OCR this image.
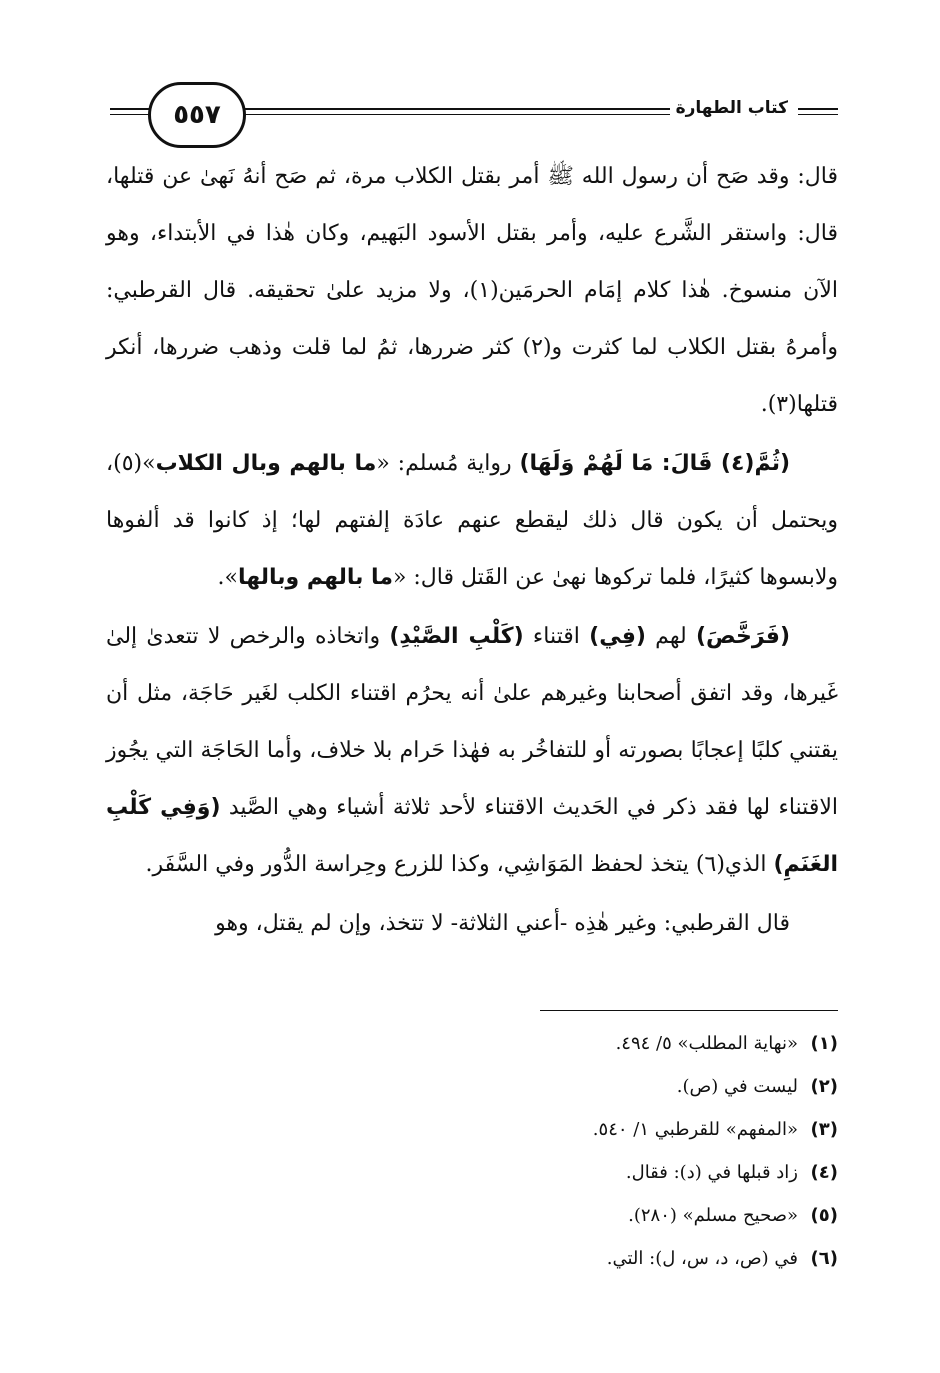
٥٥٧	كتاب الطهارة

قال: وقد صَح أن رسول الله ﷺ أمر بقتل الكلاب مرة، ثم صَح أنهُ نَهىٰ عن قتلها، قال: واستقر الشَّرع عليه، وأمر بقتل الأسود البَهيم، وكان هٰذا في الأبتداء، وهو الآن منسوخ. هٰذا كلام إمَام الحرمَين(١)، ولا مزيد علىٰ تحقيقه. قال القرطبي: وأمرهُ بقتل الكلاب لما كثرت و(٢) كثر ضررها، ثمُ لما قلت وذهب ضررها، أنكر قتلها(٣).

(ثُمَّ(٤) قَالَ: مَا لَهُمْ وَلَهَا) رواية مُسلم: «ما بالهم وبال الكلاب»(٥)، ويحتمل أن يكون قال ذلك ليقطع عنهم عادَة إلفتهم لها؛ إذ كانوا قد ألفوها ولابسوها كثيرًا، فلما تركوها نهىٰ عن القَتل قال: «ما بالهم وبالها».

(فَرَخَّصَ) لهم (فِي) اقتناء (كَلْبِ الصَّيْدِ) واتخاذه والرخص لا تتعدىٰ إلىٰ غَيرها، وقد اتفق أصحابنا وغيرهم علىٰ أنه يحرُم اقتناء الكلب لغَير حَاجَة، مثل أن يقتني كلبًا إعجابًا بصورته أو للتفاخُر به فهٰذا حَرام بلا خلاف، وأما الحَاجَة التي يجُوز الاقتناء لها فقد ذكر في الحَديث الاقتناء لأحد ثلاثة أشياء وهي الصَّيد (وَفِي كَلْبِ الغَنَمِ) الذي(٦) يتخذ لحفظ المَوَاشِي، وكذا للزرع وحِراسة الدُّور وفي السَّفَر.

قال القرطبي: وغير هٰذِه -أعني الثلاثة- لا تتخذ، وإن لم يقتل، وهو

(١)
«نهاية المطلب» ٥/ ٤٩٤.
(٢)
ليست في (ص).
(٣)
«المفهم» للقرطبي ١/ ٥٤٠.
(٤)
زاد قبلها في (د): فقال.
(٥)
«صحيح مسلم» (٢٨٠).
(٦)
في (ص، د، س، ل): التي.
